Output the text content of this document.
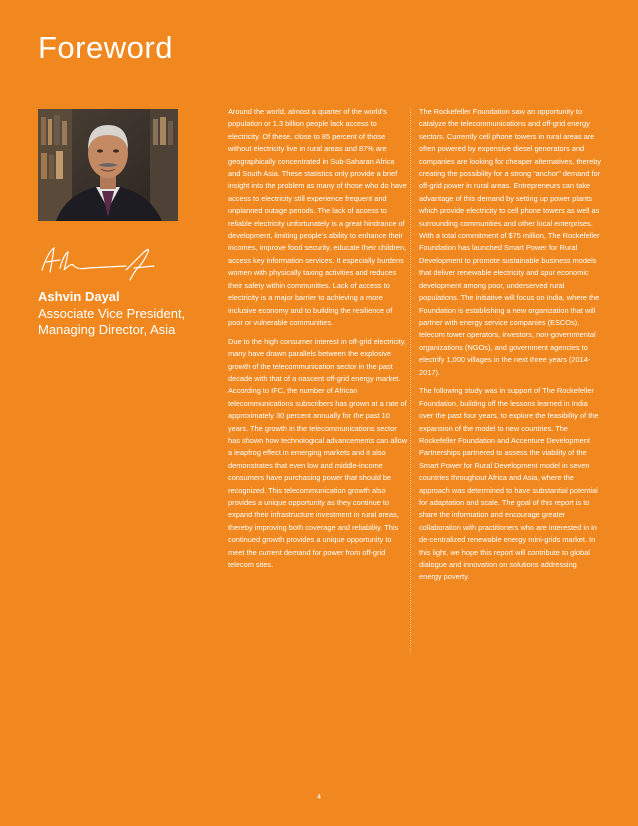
Foreword
Ashvin Dayal
Associate Vice President,
Managing Director, Asia

Around the world, almost a quarter of the world’s population or 1.3 billion people lack access to electricity. Of these, close to 85 percent of those without electricity live in rural areas and 87% are geographically concentrated in Sub-Saharan Africa and South Asia. These statistics only provide a brief insight into the problem as many of those who do have access to electricity still experience frequent and unplanned outage periods. The lack of access to reliable electricity unfortunately is a great hindrance of development, limiting people’s ability to enhance their incomes, improve food security, educate their children, access key information services. It especially burdens women with physically taxing activities and reduces their safety within communities. Lack of access to electricity is a major barrier to achieving a more inclusive economy and to building the resilience of poor or vulnerable communities.

Due to the high consumer interest in off-grid electricity, many have drawn parallels between the explosive growth of the telecommunication sector in the past decade with that of a nascent off-grid energy market. According to IFC, the number of African telecommunications subscribers has grown at a rate of approximately 30 percent annually for the past 10 years. The growth in the telecommunications sector has shown how technological advancements can allow a leapfrog effect in emerging markets and it also demonstrates that even low and middle-income consumers have purchasing power that should be recognized. This telecommunication growth also provides a unique opportunity as they continue to expand their infrastructure investment in rural areas, thereby improving both coverage and reliability. This continued growth provides a unique opportunity to meet the current demand for power from off-grid telecom sites.

The Rockefeller Foundation saw an opportunity to catalyze the telecommunications and off-grid energy sectors. Currently cell phone towers in rural areas are often powered by expensive diesel generators and companies are looking for cheaper alternatives, thereby creating the possibility for a strong “anchor” demand for off-grid power in rural areas. Entrepreneurs can take advantage of this demand by setting up power plants which provide electricity to cell phone towers as well as surrounding communities and other local enterprises. With a total commitment of $75 million, The Rockefeller Foundation has launched Smart Power for Rural Development to promote sustainable business models that deliver renewable electricity and spur economic development among poor, underserved rural populations. The initiative will focus on India, where the Foundation is establishing a new organization that will partner with energy service companies (ESCOs), telecom tower operators, investors, non-governmental organizations (NGOs), and government agencies to electrify 1,000 villages in the next three years (2014-2017).

The following study was in support of The Rockefeller Foundation, building off the lessons learned in India over the past four years, to explore the feasibility of the expansion of the model to new countries. The Rockefeller Foundation and Accenture Development Partnerships partnered to assess the viability of the Smart Power for Rural Development model in seven countries throughout Africa and Asia, where the approach was determined to have substantial potential for adaptation and scale. The goal of this report is to share the information and encourage greater collaboration with practitioners who are interested in in de-centralized renewable energy mini-grids market. In this light, we hope this report will contribute to global dialogue and innovation on solutions addressing energy poverty.

4
